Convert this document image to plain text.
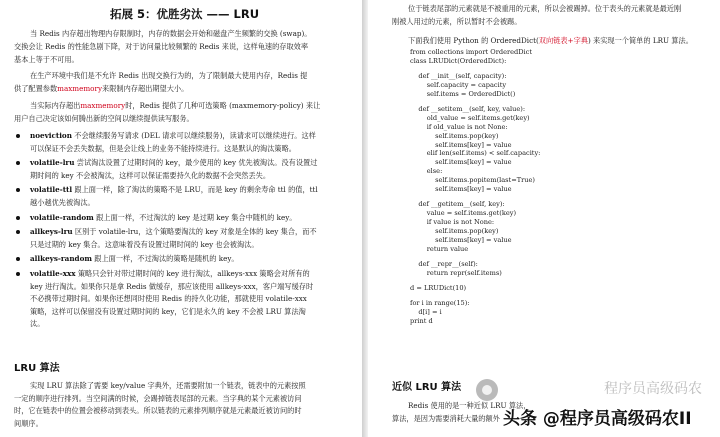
拓展 5：优胜劣汰 —— LRU
当 Redis 内存超出物理内存限制时，内存的数据会开始和磁盘产生频繁的交换 (swap)。
交换会让 Redis 的性能急剧下降，对于访问量比较频繁的 Redis 来说，这样龟速的存取效率
基本上等于不可用。
在生产环境中我们是不允许 Redis 出现交换行为的，为了限制最大使用内存，Redis 提
供了配置参数maxmemory来限制内存超出期望大小。
当实际内存超出maxmemory时，Redis 提供了几种可选策略 (maxmemory-policy) 来让
用户自己决定该如何腾出新的空间以继续提供读写服务。
noeviction 不会继续服务写请求 (DEL 请求可以继续服务)，读请求可以继续进行。这样
可以保证不会丢失数据，但是会让线上的业务不能持续进行。这是默认的淘汰策略。
volatile-lru 尝试淘汰设置了过期时间的 key，最少使用的 key 优先被淘汰。没有设置过
期时间的 key 不会被淘汰，这样可以保证需要持久化的数据不会突然丢失。
volatile-ttl 跟上面一样，除了淘汰的策略不是 LRU，而是 key 的剩余寿命 ttl 的值，ttl
越小越优先被淘汰。
volatile-random 跟上面一样，不过淘汰的 key 是过期 key 集合中随机的 key。
allkeys-lru 区别于 volatile-lru，这个策略要淘汰的 key 对象是全体的 key 集合，而不
只是过期的 key 集合。这意味着没有设置过期时间的 key 也会被淘汰。
allkeys-random 跟上面一样，不过淘汰的策略是随机的 key。
volatile-xxx 策略只会针对带过期时间的 key 进行淘汰，allkeys-xxx 策略会对所有的
key 进行淘汰。如果你只是拿 Redis 做缓存，那应该使用 allkeys-xxx，客户端写缓存时
不必携带过期时间。如果你还想同时使用 Redis 的持久化功能，那就使用 volatile-xxx
策略，这样可以保留没有设置过期时间的 key，它们是永久的 key 不会被 LRU 算法淘
汰。
LRU 算法
实现 LRU 算法除了需要 key/value 字典外，还需要附加一个链表，链表中的元素按照
一定的顺序进行排列。当空间满的时候，会踢掉链表尾部的元素。当字典的某个元素被访问
时，它在链表中的位置会被移动到表头。所以链表的元素排列顺序就是元素最近被访问的时
间顺序。
位于链表尾部的元素就是不被重用的元素，所以会被踢掉。位于表头的元素就是最近刚
刚被人用过的元素，所以暂时不会被踢。
下面我们使用 Python 的 OrderedDict(双向链表+字典) 来实现一个简单的 LRU 算法。
from collections import OrderedDict
class LRUDict(OrderedDict):
def __init__(self, capacity):
self.capacity = capacity
self.items = OrderedDict()
def __setitem__(self, key, value):
old_value = self.items.get(key)
if old_value is not None:
self.items.pop(key)
self.items[key] = value
elif len(self.items) < self.capacity:
self.items[key] = value
else:
self.items.popitem(last=True)
self.items[key] = value
def __getitem__(self, key):
value = self.items.get(key)
if value is not None:
self.items.pop(key)
self.items[key] = value
return value
def __repr__(self):
return repr(self.items)
d = LRUDict(10)
for i in range(15):
d[i] = i
print d
近似 LRU 算法
Redis 使用的是一种近似 LRU 算法，
算法，是因为需要消耗大量的额外
程序员高级码农
头条 @程序员高级码农II
